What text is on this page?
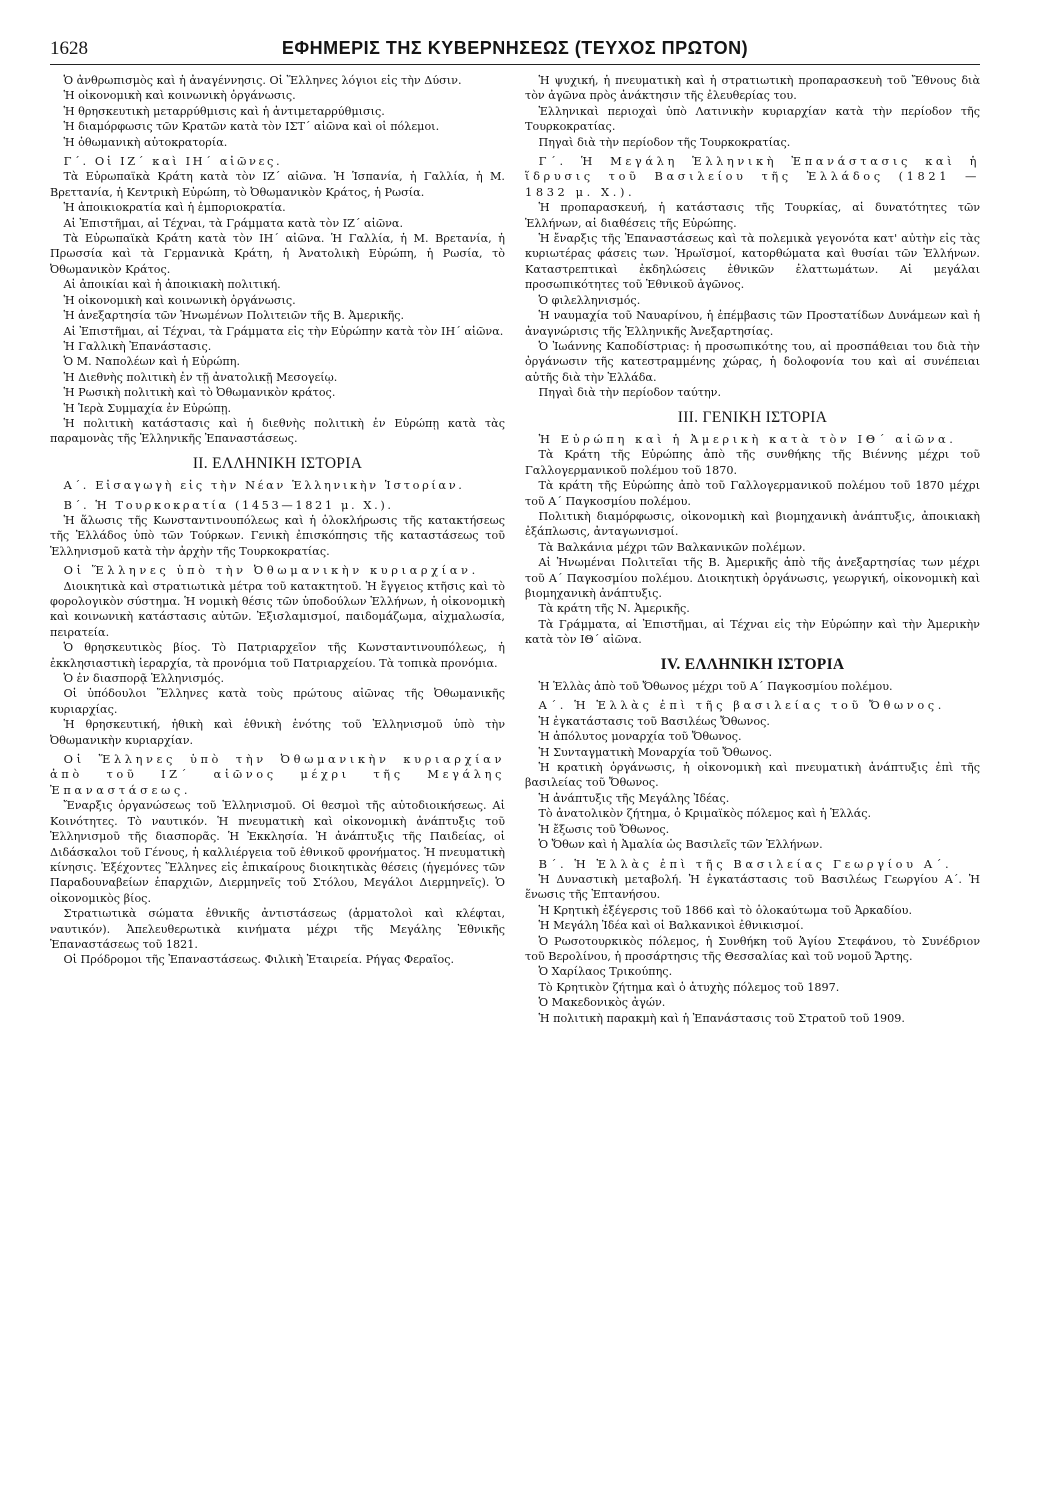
1628	ΕΦΗΜΕΡΙΣ ΤΗΣ ΚΥΒΕΡΝΗΣΕΩΣ (ΤΕΥΧΟΣ ΠΡΩΤΟΝ)

Ὁ ἀνθρωπισμὸς καὶ ἡ ἀναγέννησις. Οἱ Ἕλληνες λόγιοι εἰς τὴν Δύσιν.

Ἡ οἰκονομικὴ καὶ κοινωνικὴ ὀργάνωσις.

Ἡ θρησκευτικὴ μεταρρύθμισις καὶ ἡ ἀντιμεταρρύθμισις.

Ἡ διαμόρφωσις τῶν Κρατῶν κατὰ τὸν ΙΣΤ΄ αἰῶνα καὶ οἱ πόλεμοι.

Ἡ ὀθωμανικὴ αὐτοκρατορία.

Γ΄. Οἱ ΙΖ΄ καὶ ΙΗ΄ αἰῶνες.

Τὰ Εὐρωπαϊκὰ Κράτη κατὰ τὸν ΙΖ΄ αἰῶνα. Ἡ Ἱσπανία, ἡ Γαλλία, ἡ Μ. Βρεττανία, ἡ Κεντρικὴ Εὐρώπη, τὸ Ὀθωμανικὸν Κράτος, ἡ Ρωσία.

Ἡ ἀποικιοκρατία καὶ ἡ ἐμποριοκρατία.

Αἱ Ἐπιστῆμαι, αἱ Τέχναι, τὰ Γράμματα κατὰ τὸν ΙΖ΄ αἰῶνα.

Τὰ Εὐρωπαϊκὰ Κράτη κατὰ τὸν ΙΗ΄ αἰῶνα. Ἡ Γαλλία, ἡ Μ. Βρετανία, ἡ Πρωσσία καὶ τὰ Γερμανικὰ Κράτη, ἡ Ἀνατολικὴ Εὐρώπη, ἡ Ρωσία, τὸ Ὀθωμανικὸν Κράτος.

Αἱ ἀποικίαι καὶ ἡ ἀποικιακὴ πολιτική.

Ἡ οἰκονομικὴ καὶ κοινωνικὴ ὀργάνωσις.

Ἡ ἀνεξαρτησία τῶν Ἡνωμένων Πολιτειῶν τῆς Β. Ἀμερικῆς.

Αἱ Ἐπιστῆμαι, αἱ Τέχναι, τὰ Γράμματα εἰς τὴν Εὐρώπην κατὰ τὸν ΙΗ΄ αἰῶνα.

Ἡ Γαλλικὴ Ἐπανάστασις.

Ὁ Μ. Ναπολέων καὶ ἡ Εὐρώπη.

Ἡ Διεθνὴς πολιτικὴ ἐν τῇ ἀνατολικῇ Μεσογείῳ.

Ἡ Ρωσικὴ πολιτικὴ καὶ τὸ Ὀθωμανικὸν κράτος.

Ἡ Ἱερὰ Συμμαχία ἐν Εὐρώπῃ.

Ἡ πολιτικὴ κατάστασις καὶ ἡ διεθνὴς πολιτικὴ ἐν Εὐρώπῃ κατὰ τὰς παραμονὰς τῆς Ἑλληνικῆς Ἐπαναστάσεως.

ΙΙ. ΕΛΛΗΝΙΚΗ ΙΣΤΟΡΙΑ

Α΄. Εἰσαγωγὴ εἰς τὴν Νέαν Ἑλληνικὴν Ἱστορίαν.

Β΄. Ἡ Τουρκοκρατία (1453—1821 μ. Χ.).

Ἡ ἅλωσις τῆς Κωνσταντινουπόλεως καὶ ἡ ὁλοκλήρωσις τῆς κατακτήσεως τῆς Ἑλλάδος ὑπὸ τῶν Τούρκων. Γενικὴ ἐπισκόπησις τῆς καταστάσεως τοῦ Ἑλληνισμοῦ κατὰ τὴν ἀρχὴν τῆς Τουρκοκρατίας.

Οἱ Ἕλληνες ὑπὸ τὴν Ὀθωμανικὴν κυριαρχίαν.

Διοικητικὰ καὶ στρατιωτικὰ μέτρα τοῦ κατακτητοῦ. Ἡ ἔγγειος κτῆσις καὶ τὸ φορολογικὸν σύστημα. Ἡ νομικὴ θέσις τῶν ὑποδούλων Ἑλλήνων, ἡ οἰκονομικὴ καὶ κοινωνικὴ κατάστασις αὐτῶν. Ἐξισλαμισμοί, παιδομάζωμα, αἰχμαλωσία, πειρατεία.

Ὁ θρησκευτικὸς βίος. Τὸ Πατριαρχεῖον τῆς Κωνσταντινουπόλεως, ἡ ἐκκλησιαστικὴ ἱεραρχία, τὰ προνόμια τοῦ Πατριαρχείου. Τὰ τοπικὰ προνόμια.

Ὁ ἐν διασπορᾷ Ἑλληνισμός.

Οἱ ὑπόδουλοι Ἕλληνες κατὰ τοὺς πρώτους αἰῶνας τῆς Ὀθωμανικῆς κυριαρχίας.

Ἡ θρησκευτική, ἠθικὴ καὶ ἐθνικὴ ἑνότης τοῦ Ἑλληνισμοῦ ὑπὸ τὴν Ὀθωμανικὴν κυριαρχίαν.

Οἱ Ἕλληνες ὑπὸ τὴν Ὀθωμανικὴν κυριαρχίαν ἀπὸ τοῦ ΙΖ΄ αἰῶνος μέχρι τῆς Μεγάλης Ἐπαναστάσεως.

Ἔναρξις ὀργανώσεως τοῦ Ἑλληνισμοῦ. Οἱ θεσμοὶ τῆς αὐτοδιοικήσεως. Αἱ Κοινότητες. Τὸ ναυτικόν. Ἡ πνευματικὴ καὶ οἰκονομικὴ ἀνάπτυξις τοῦ Ἑλληνισμοῦ τῆς διασπορᾶς. Ἡ Ἐκκλησία. Ἡ ἀνάπτυξις τῆς Παιδείας, οἱ Διδάσκαλοι τοῦ Γένους, ἡ καλλιέργεια τοῦ ἐθνικοῦ φρονήματος. Ἡ πνευματικὴ κίνησις. Ἐξέχοντες Ἕλληνες εἰς ἐπικαίρους διοικητικὰς θέσεις (ἡγεμόνες τῶν Παραδουναβείων ἐπαρχιῶν, Διερμηνεῖς τοῦ Στόλου, Μεγάλοι Διερμηνεῖς). Ὁ οἰκονομικὸς βίος.

Στρατιωτικὰ σώματα ἐθνικῆς ἀντιστάσεως (ἁρματολοὶ καὶ κλέφται, ναυτικόν). Ἀπελευθερωτικὰ κινήματα μέχρι τῆς Μεγάλης Ἐθνικῆς Ἐπαναστάσεως τοῦ 1821.

Οἱ Πρόδρομοι τῆς Ἐπαναστάσεως. Φιλικὴ Ἑταιρεία. Ρήγας Φεραῖος.

Ἡ ψυχική, ἡ πνευματικὴ καὶ ἡ στρατιωτικὴ προπαρασκευὴ τοῦ Ἔθνους διὰ τὸν ἀγῶνα πρὸς ἀνάκτησιν τῆς ἐλευθερίας του.

Ἑλληνικαὶ περιοχαὶ ὑπὸ Λατινικὴν κυριαρχίαν κατὰ τὴν περίοδον τῆς Τουρκοκρατίας.

Πηγαὶ διὰ τὴν περίοδον τῆς Τουρκοκρατίας.

Γ΄. Ἡ Μεγάλη Ἑλληνικὴ Ἐπανάστασις καὶ ἡ ἵδρυσις τοῦ Βασιλείου τῆς Ἑλλάδος (1821 — 1832 μ. Χ.).

Ἡ προπαρασκευή, ἡ κατάστασις τῆς Τουρκίας, αἱ δυνατότητες τῶν Ἑλλήνων, αἱ διαθέσεις τῆς Εὐρώπης.

Ἡ ἔναρξις τῆς Ἐπαναστάσεως καὶ τὰ πολεμικὰ γεγονότα κατ' αὐτὴν εἰς τὰς κυριωτέρας φάσεις των. Ἡρωϊσμοί, κατορθώματα καὶ θυσίαι τῶν Ἑλλήνων. Καταστρεπτικαὶ ἐκδηλώσεις ἐθνικῶν ἐλαττωμάτων. Αἱ μεγάλαι προσωπικότητες τοῦ Ἐθνικοῦ ἀγῶνος.

Ὁ φιλελληνισμός.

Ἡ ναυμαχία τοῦ Ναυαρίνου, ἡ ἐπέμβασις τῶν Προστατίδων Δυνάμεων καὶ ἡ ἀναγνώρισις τῆς Ἑλληνικῆς Ἀνεξαρτησίας.

Ὁ Ἰωάννης Καποδίστριας: ἡ προσωπικότης του, αἱ προσπάθειαι του διὰ τὴν ὀργάνωσιν τῆς κατεστραμμένης χώρας, ἡ δολοφονία του καὶ αἱ συνέπειαι αὐτῆς διὰ τὴν Ἑλλάδα.

Πηγαὶ διὰ τὴν περίοδον ταύτην.

ΙΙΙ. ΓΕΝΙΚΗ ΙΣΤΟΡΙΑ

Ἡ Εὐρώπη καὶ ἡ Ἀμερικὴ κατὰ τὸν ΙΘ΄ αἰῶνα.

Τὰ Κράτη τῆς Εὐρώπης ἀπὸ τῆς συνθήκης τῆς Βιέννης μέχρι τοῦ Γαλλογερμανικοῦ πολέμου τοῦ 1870.

Τὰ κράτη τῆς Εὐρώπης ἀπὸ τοῦ Γαλλογερμανικοῦ πολέμου τοῦ 1870 μέχρι τοῦ Α΄ Παγκοσμίου πολέμου.

Πολιτικὴ διαμόρφωσις, οἰκονομικὴ καὶ βιομηχανικὴ ἀνάπτυξις, ἀποικιακὴ ἐξάπλωσις, ἀνταγωνισμοί.

Τὰ Βαλκάνια μέχρι τῶν Βαλκανικῶν πολέμων.

Αἱ Ἡνωμέναι Πολιτεῖαι τῆς Β. Ἀμερικῆς ἀπὸ τῆς ἀνεξαρτησίας των μέχρι τοῦ Α΄ Παγκοσμίου πολέμου. Διοικητικὴ ὀργάνωσις, γεωργική, οἰκονομικὴ καὶ βιομηχανικὴ ἀνάπτυξις.

Τὰ κράτη τῆς Ν. Ἀμερικῆς.

Τὰ Γράμματα, αἱ Ἐπιστῆμαι, αἱ Τέχναι εἰς τὴν Εὐρώπην καὶ τὴν Ἀμερικὴν κατὰ τὸν ΙΘ΄ αἰῶνα.

ΙV. ΕΛΛΗΝΙΚΗ ΙΣΤΟΡΙΑ

Ἡ Ἑλλὰς ἀπὸ τοῦ Ὄθωνος μέχρι τοῦ Α΄ Παγκοσμίου πολέμου.

Α΄. Ἡ Ἑλλὰς ἐπὶ τῆς βασιλείας τοῦ Ὄθωνος.

Ἡ ἐγκατάστασις τοῦ Βασιλέως Ὄθωνος.

Ἡ ἀπόλυτος μοναρχία τοῦ Ὄθωνος.

Ἡ Συνταγματικὴ Μοναρχία τοῦ Ὄθωνος.

Ἡ κρατικὴ ὀργάνωσις, ἡ οἰκονομικὴ καὶ πνευματικὴ ἀνάπτυξις ἐπὶ τῆς βασιλείας τοῦ Ὄθωνος.

Ἡ ἀνάπτυξις τῆς Μεγάλης Ἰδέας.

Τὸ ἀνατολικὸν ζήτημα, ὁ Κριμαϊκὸς πόλεμος καὶ ἡ Ἑλλάς.

Ἡ ἔξωσις τοῦ Ὄθωνος.

Ὁ Ὄθων καὶ ἡ Ἀμαλία ὡς Βασιλεῖς τῶν Ἑλλήνων.

Β΄. Ἡ Ἑλλὰς ἐπὶ τῆς Βασιλείας Γεωργίου Α΄.

Ἡ Δυναστικὴ μεταβολή. Ἡ ἐγκατάστασις τοῦ Βασιλέως Γεωργίου Α΄. Ἡ ἕνωσις τῆς Ἑπτανήσου.

Ἡ Κρητικὴ ἐξέγερσις τοῦ 1866 καὶ τὸ ὁλοκαύτωμα τοῦ Ἀρκαδίου.

Ἡ Μεγάλη Ἰδέα καὶ οἱ Βαλκανικοὶ ἐθνικισμοί.

Ὁ Ρωσοτουρκικὸς πόλεμος, ἡ Συνθήκη τοῦ Ἁγίου Στεφάνου, τὸ Συνέδριον τοῦ Βερολίνου, ἡ προσάρτησις τῆς Θεσσαλίας καὶ τοῦ νομοῦ Ἄρτης.

Ὁ Χαρίλαος Τρικούπης.

Τὸ Κρητικὸν ζήτημα καὶ ὁ ἀτυχὴς πόλεμος τοῦ 1897.

Ὁ Μακεδονικὸς ἀγών.

Ἡ πολιτικὴ παρακμὴ καὶ ἡ Ἐπανάστασις τοῦ Στρατοῦ τοῦ 1909.
